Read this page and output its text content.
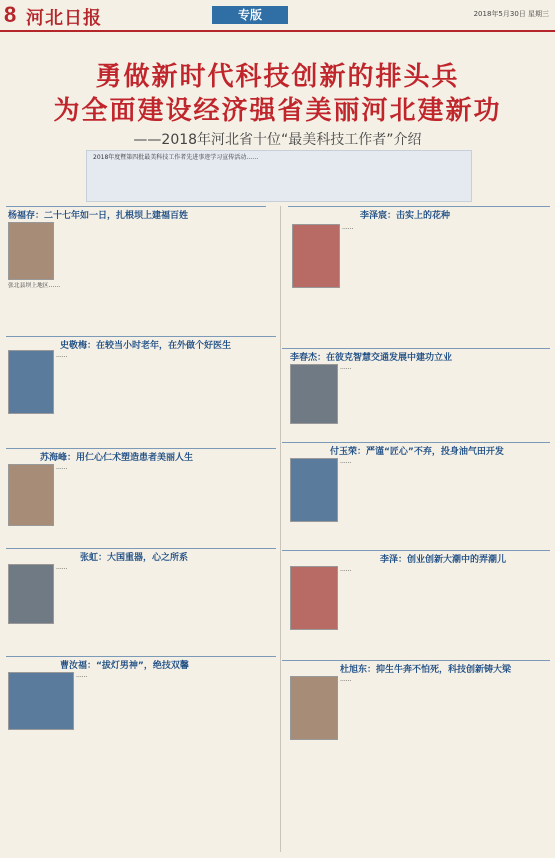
8 河北日报	专版	2018年5月30日 星期三
勇做新时代科技创新的排头兵
为全面建设经济强省美丽河北建新功
——2018年河北省十位“最美科技工作者”介绍
2018年度暨第四批最美科技工作者先进事迹学习宣传活动……
杨福存：二十七年如一日，扎根坝上建福百姓
张北县坝上地区……
李泽宸：击实上的花种
……
史敬梅：在较当小时老年，在外做个好医生
……	李春杰：在彼克智慧交通发展中建功立业
……
苏海峰：用仁心仁术塑造患者美丽人生
……
付玉荣：严谨“匠心”不弃，投身油气田开发
……
张虹：大国重器，心之所系
……
李泽：创业创新大潮中的弄潮儿
……
曹汝福：“拔灯男神”，绝技双馨
……
杜旭东：抑生牛奔不怕死，科技创新铸大梁
……
